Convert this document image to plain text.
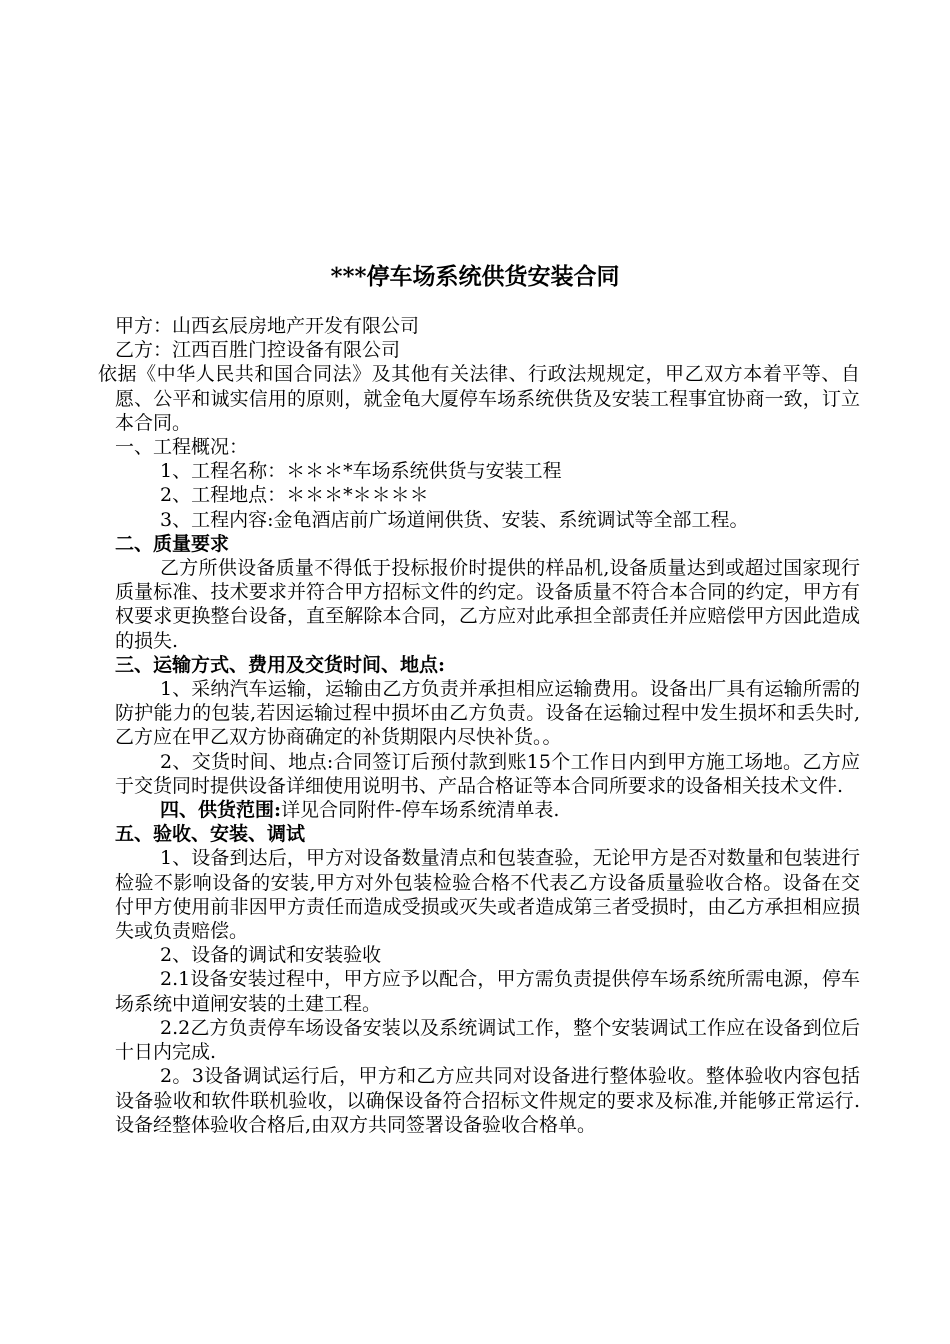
***停车场系统供货安装合同

甲方：山西玄辰房地产开发有限公司

乙方：江西百胜门控设备有限公司

依据《中华人民共和国合同法》及其他有关法律、行政法规规定，甲乙双方本着平等、自愿、公平和诚实信用的原则，就金龟大厦停车场系统供货及安装工程事宜协商一致，订立本合同。

一、工程概况：

1、工程名称：＊＊＊*车场系统供货与安装工程

2、工程地点：＊＊＊*＊＊＊＊

3、工程内容:金龟酒店前广场道闸供货、安装、系统调试等全部工程。

二、质量要求

乙方所供设备质量不得低于投标报价时提供的样品机,设备质量达到或超过国家现行质量标准、技术要求并符合甲方招标文件的约定。设备质量不符合本合同的约定，甲方有权要求更换整台设备，直至解除本合同，乙方应对此承担全部责任并应赔偿甲方因此造成的损失.

三、运输方式、费用及交货时间、地点:

1、采纳汽车运输，运输由乙方负责并承担相应运输费用。设备出厂具有运输所需的防护能力的包装,若因运输过程中损坏由乙方负责。设备在运输过程中发生损坏和丢失时,乙方应在甲乙双方协商确定的补货期限内尽快补货。。

2、交货时间、地点:合同签订后预付款到账15个工作日内到甲方施工场地。乙方应于交货同时提供设备详细使用说明书、产品合格证等本合同所要求的设备相关技术文件.

四、供货范围:详见合同附件-停车场系统清单表.

五、验收、安装、调试

1、设备到达后，甲方对设备数量清点和包装查验，无论甲方是否对数量和包装进行检验不影响设备的安装,甲方对外包装检验合格不代表乙方设备质量验收合格。设备在交付甲方使用前非因甲方责任而造成受损或灭失或者造成第三者受损时，由乙方承担相应损失或负责赔偿。

2、设备的调试和安装验收

2.1设备安装过程中，甲方应予以配合，甲方需负责提供停车场系统所需电源，停车场系统中道闸安装的土建工程。

2.2乙方负责停车场设备安装以及系统调试工作，整个安装调试工作应在设备到位后十日内完成.

2。3设备调试运行后，甲方和乙方应共同对设备进行整体验收。整体验收内容包括设备验收和软件联机验收，以确保设备符合招标文件规定的要求及标准,并能够正常运行.设备经整体验收合格后,由双方共同签署设备验收合格单。
